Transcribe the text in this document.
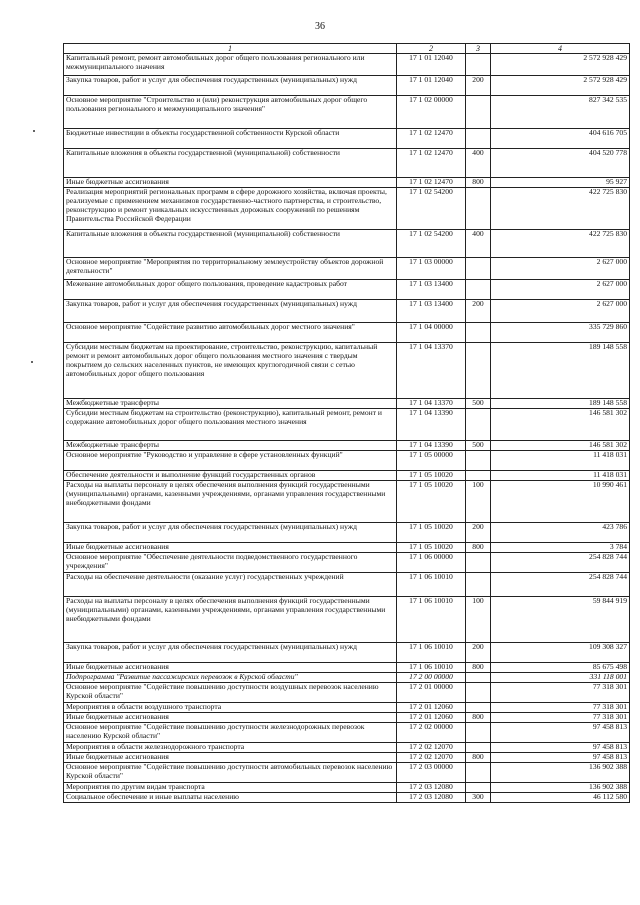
36
1	2	3	4
Капитальный ремонт, ремонт автомобильных дорог общего пользования регионального или межмуниципального значения	17 1 01 12040		2 572 928 429
Закупка товаров, работ и услуг для обеспечения государственных (муниципальных) нужд	17 1 01 12040	200	2 572 928 429
Основное мероприятие "Строительство и (или) реконструкция автомобильных дорог общего пользования регионального и межмуниципального значения"	17 1 02 00000		827 342 535
Бюджетные инвестиции в объекты государственной собственности Курской области	17 1 02 12470		404 616 705
Капитальные вложения в объекты государственной (муниципальной) собственности	17 1 02 12470	400	404 520 778
Иные бюджетные ассигнования	17 1 02 12470	800	95 927
Реализация мероприятий региональных программ в сфере дорожного хозяйства, включая проекты, реализуемые с применением механизмов государственно-частного партнерства, и строительство, реконструкцию и ремонт уникальных искусственных дорожных сооружений по решениям Правительства Российской Федерации	17 1 02 54200		422 725 830
Капитальные вложения в объекты государственной (муниципальной) собственности	17 1 02 54200	400	422 725 830
Основное мероприятие "Мероприятия по территориальному землеустройству объектов дорожной деятельности"	17 1 03 00000		2 627 000
Межевание автомобильных дорог общего пользования, проведение кадастровых работ	17 1 03 13400		2 627 000
Закупка товаров, работ и услуг для обеспечения государственных (муниципальных) нужд	17 1 03 13400	200	2 627 000
Основное мероприятие "Содействие развитию автомобильных дорог местного значения"	17 1 04 00000		335 729 860
Субсидии местным бюджетам на проектирование, строительство, реконструкцию, капитальный ремонт и ремонт автомобильных дорог общего пользования местного значения с твердым покрытием до сельских населенных пунктов, не имеющих круглогодичной связи с сетью автомобильных дорог общего пользования	17 1 04 13370		189 148 558
Межбюджетные трансферты	17 1 04 13370	500	189 148 558
Субсидии местным бюджетам на строительство (реконструкцию), капитальный ремонт, ремонт и содержание автомобильных дорог общего пользования местного значения	17 1 04 13390		146 581 302
Межбюджетные трансферты	17 1 04 13390	500	146 581 302
Основное мероприятие "Руководство и управление в сфере установленных функций"	17 1 05 00000		11 418 031
Обеспечение деятельности и выполнение функций государственных органов	17 1 05 10020		11 418 031
Расходы на выплаты персоналу в целях обеспечения выполнения функций государственными (муниципальными) органами, казенными учреждениями, органами управления государственными внебюджетными фондами	17 1 05 10020	100	10 990 461
Закупка товаров, работ и услуг для обеспечения государственных (муниципальных) нужд	17 1 05 10020	200	423 786
Иные бюджетные ассигнования	17 1 05 10020	800	3 784
Основное мероприятие "Обеспечение деятельности подведомственного государственного учреждения"	17 1 06 00000		254 828 744
Расходы на обеспечение деятельности (оказание услуг) государственных учреждений	17 1 06 10010		254 828 744
Расходы на выплаты персоналу в целях обеспечения выполнения функций государственными (муниципальными) органами, казенными учреждениями, органами управления государственными внебюджетными фондами	17 1 06 10010	100	59 844 919
Закупка товаров, работ и услуг для обеспечения государственных (муниципальных) нужд	17 1 06 10010	200	109 308 327
Иные бюджетные ассигнования	17 1 06 10010	800	85 675 498
Подпрограмма "Развитие пассажирских перевозок в Курской области"	17 2 00 00000		331 118 001
Основное мероприятие "Содействие повышению доступности воздушных перевозок населению Курской области"	17 2 01 00000		77 318 301
Мероприятия в области воздушного транспорта	17 2 01 12060		77 318 301
Иные бюджетные ассигнования	17 2 01 12060	800	77 318 301
Основное мероприятие "Содействие повышению доступности железнодорожных перевозок населению Курской области"	17 2 02 00000		97 458 813
Мероприятия в области железнодорожного транспорта	17 2 02 12070		97 458 813
Иные бюджетные ассигнования	17 2 02 12070	800	97 458 813
Основное мероприятие "Содействие повышению доступности автомобильных перевозок населению Курской области"	17 2 03 00000		136 902 388
Мероприятия по другим видам транспорта	17 2 03 12080		136 902 388
Социальное обеспечение и иные выплаты населению	17 2 03 12080	300	46 112 580
